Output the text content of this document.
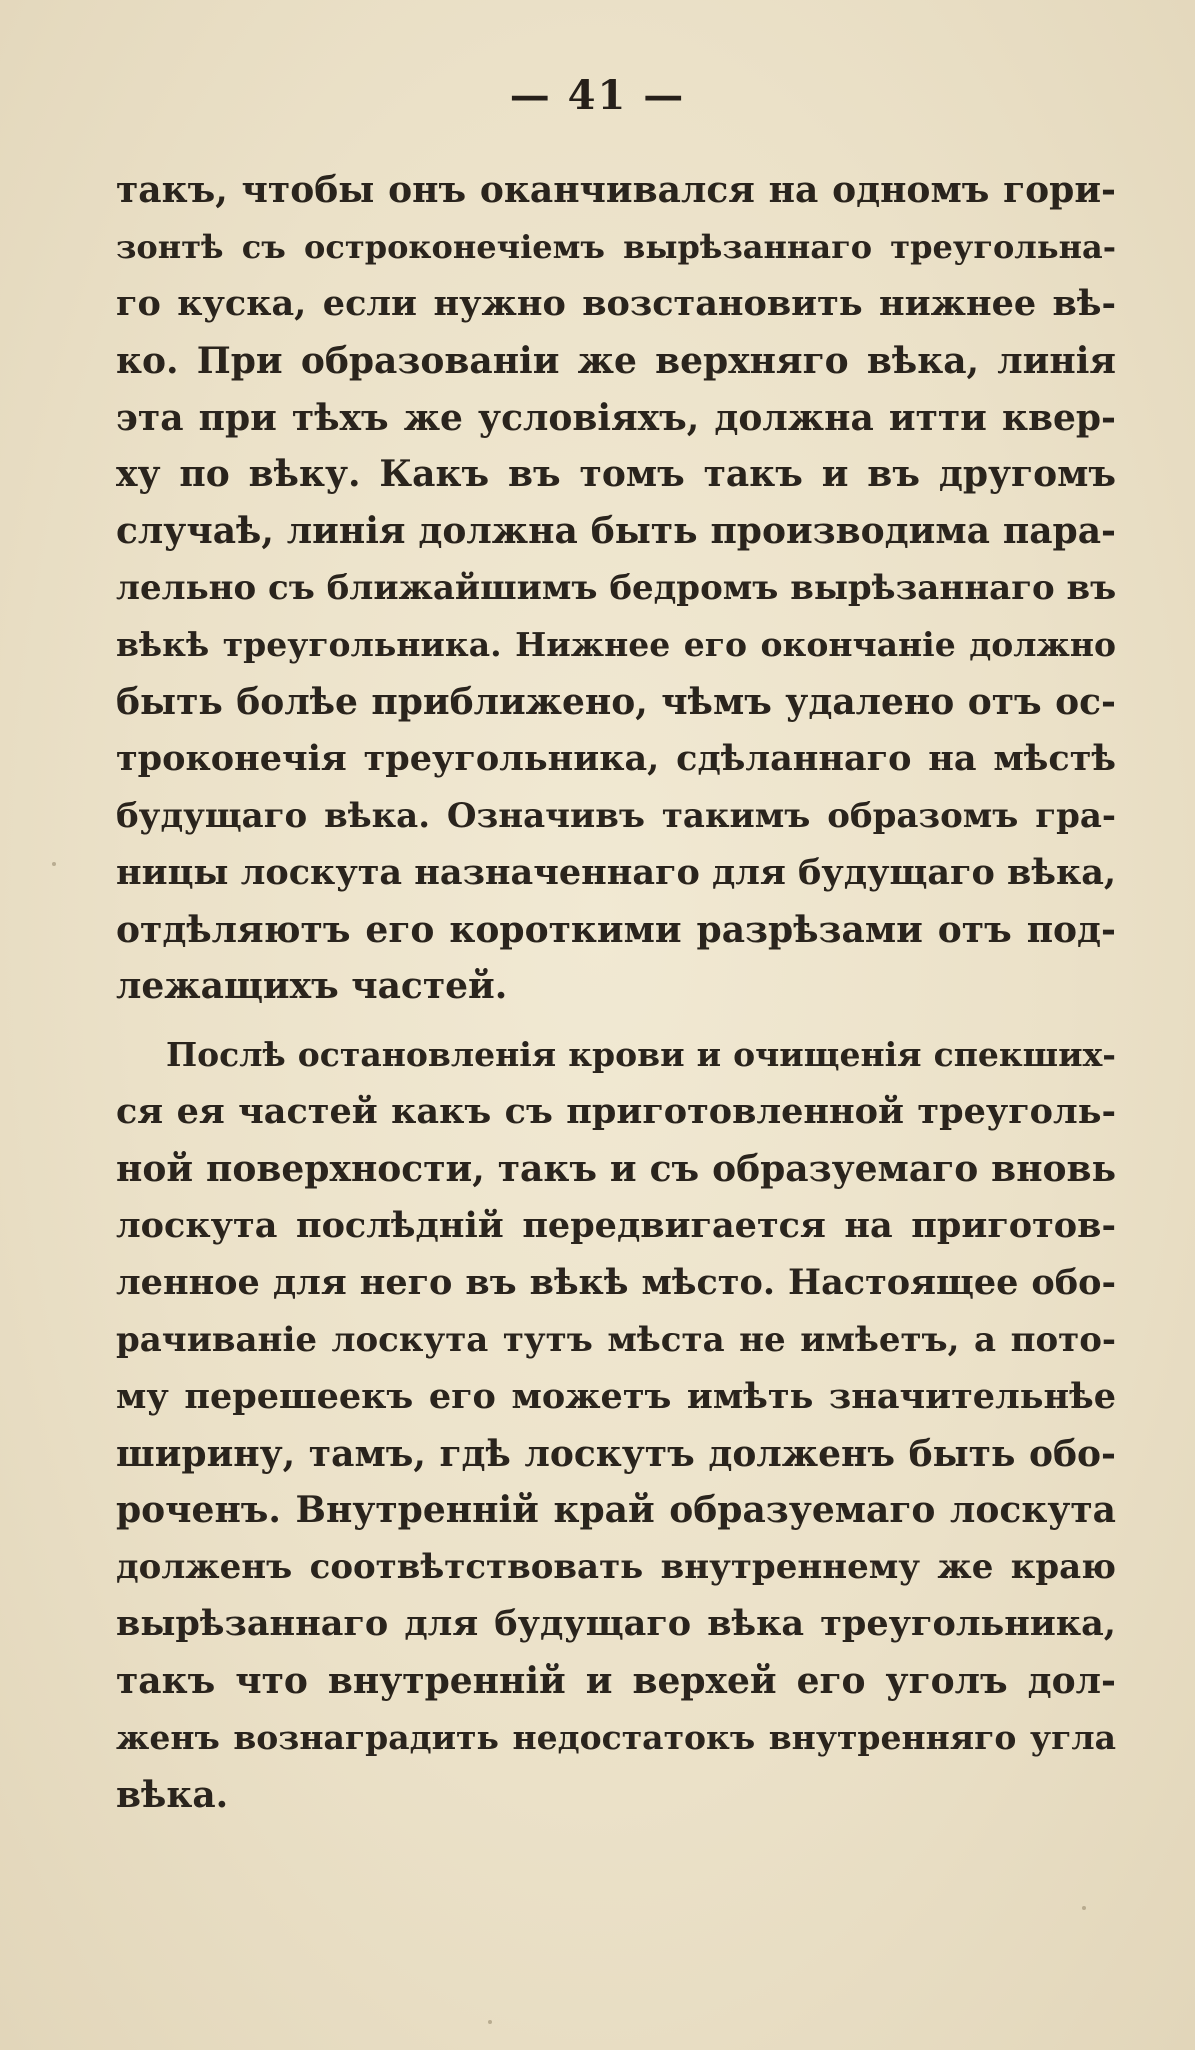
— 41 —
такъ, чтобы онъ оканчивался на одномъ гори-
зонтѣ съ остроконечіемъ вырѣзаннаго треугольна-
го куска, если нужно возстановить нижнее вѣ-
ко. При образованіи же верхняго вѣка, линія
эта при тѣхъ же условіяхъ, должна итти квер-
ху по вѣку. Какъ въ томъ такъ и въ другомъ
случаѣ, линія должна быть производима пара-
лельно съ ближайшимъ бедромъ вырѣзаннаго въ
вѣкѣ треугольника. Нижнее его окончаніе должно
быть болѣе приближено, чѣмъ удалено отъ ос-
троконечія треугольника, сдѣланнаго на мѣстѣ
будущаго вѣка. Означивъ такимъ образомъ гра-
ницы лоскута назначеннаго для будущаго вѣка,
отдѣляютъ его короткими разрѣзами отъ под-
лежащихъ частей.
Послѣ остановленія крови и очищенія спекших-
ся ея частей какъ съ приготовленной треуголь-
ной поверхности, такъ и съ образуемаго вновь
лоскута послѣдній передвигается на приготов-
ленное для него въ вѣкѣ мѣсто. Настоящее обо-
рачиваніе лоскута тутъ мѣста не имѣетъ, а пото-
му перешеекъ его можетъ имѣть значительнѣе
ширину, тамъ, гдѣ лоскутъ долженъ быть обо-
роченъ. Внутренній край образуемаго лоскута
долженъ соотвѣтствовать внутреннему же краю
вырѣзаннаго для будущаго вѣка треугольника,
такъ что внутренній и верхей его уголъ дол-
женъ вознаградить недостатокъ внутренняго угла
вѣка.
